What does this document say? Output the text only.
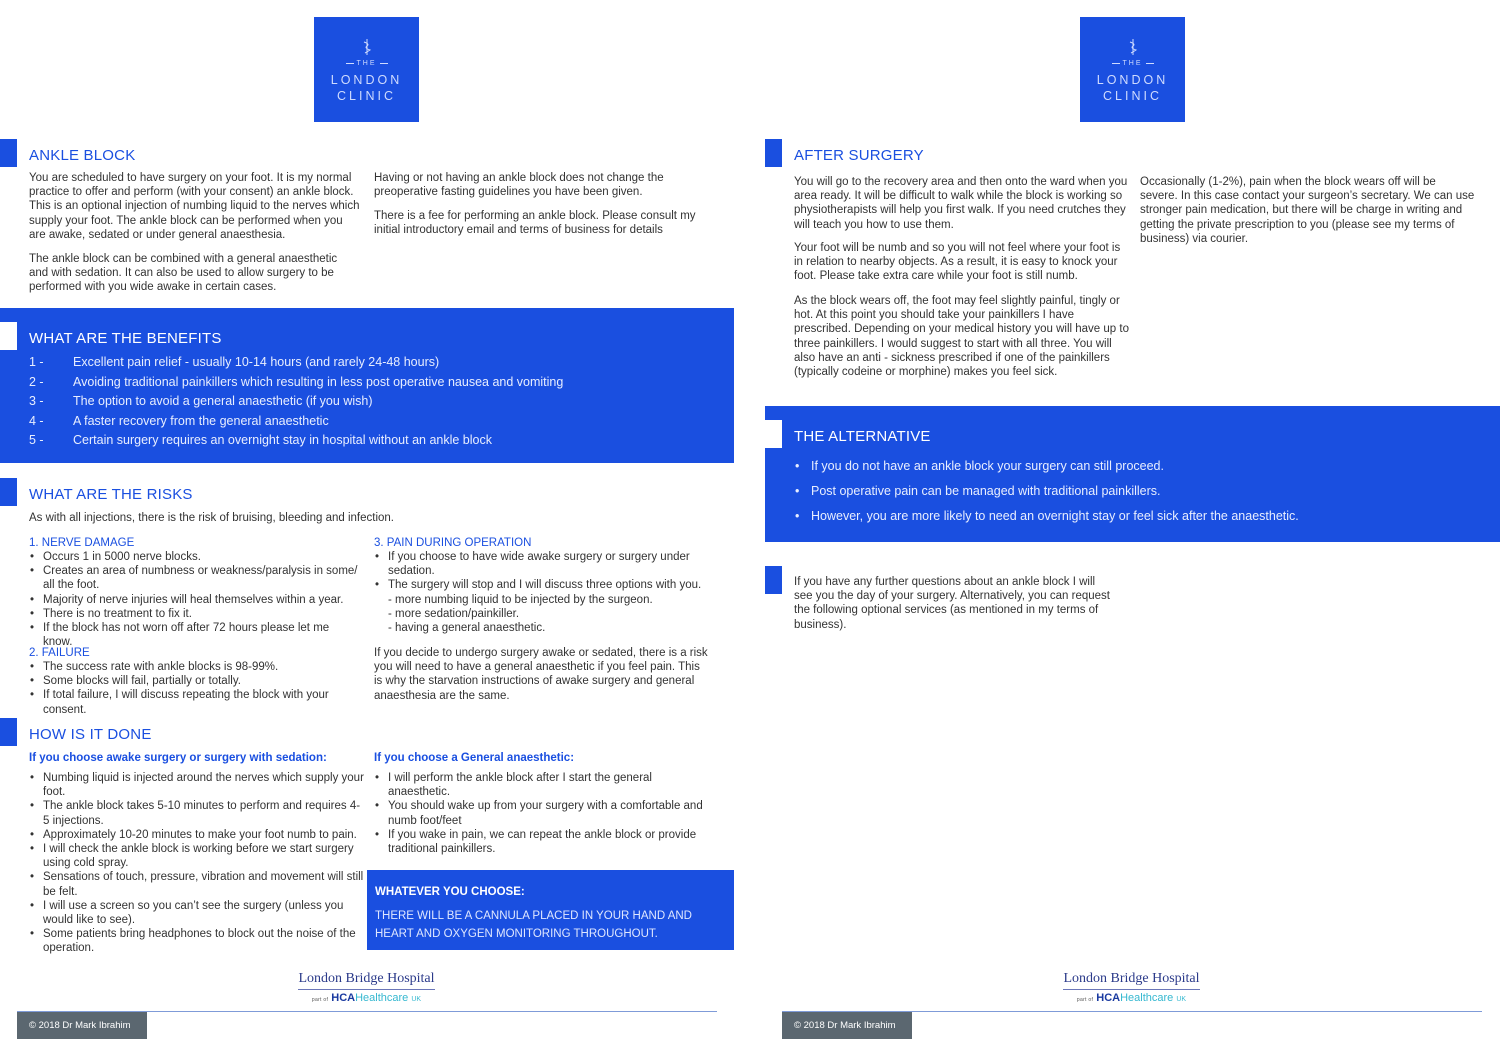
THE
LONDON
CLINIC
ANKLE BLOCK
You are scheduled to have surgery on your foot. It is my normal practice to offer and perform (with your consent) an ankle block. This is an optional injection of numbing liquid to the nerves which supply your foot. The ankle block can be performed when you are awake, sedated or under general anaesthesia.
The ankle block can be combined with a general anaesthetic and with sedation. It can also be used to allow surgery to be performed with you wide awake in certain cases.
Having or not having an ankle block does not change the preoperative fasting guidelines you have been given.
There is a fee for performing an ankle block. Please consult my initial introductory email and terms of business for details
WHAT ARE THE BENEFITS
1 - Excellent pain relief - usually 10-14 hours (and rarely 24-48 hours)
2 - Avoiding traditional painkillers which resulting in less post operative nausea and vomiting
3 - The option to avoid a general anaesthetic (if you wish)
4 - A faster recovery from the general anaesthetic
5 - Certain surgery requires an overnight stay in hospital without an ankle block
WHAT ARE THE RISKS
As with all injections, there is the risk of bruising, bleeding and infection.
1. NERVE DAMAGE
• Occurs 1 in 5000 nerve blocks.
• Creates an area of numbness or weakness/paralysis in some/ all the foot.
• Majority of nerve injuries will heal themselves within a year.
• There is no treatment to fix it.
• If the block has not worn off after 72 hours please let me know.
2. FAILURE
• The success rate with ankle blocks is 98-99%.
• Some blocks will fail, partially or totally.
• If total failure, I will discuss repeating the block with your consent.
3. PAIN DURING OPERATION
• If you choose to have wide awake surgery or surgery under sedation.
• The surgery will stop and I will discuss three options with you.
- more numbing liquid to be injected by the surgeon.
- more sedation/painkiller.
- having a general anaesthetic.
If you decide to undergo surgery awake or sedated, there is a risk you will need to have a general anaesthetic if you feel pain. This is why the starvation instructions of awake surgery and general anaesthesia are the same.
HOW IS IT DONE
If you choose awake surgery or surgery with sedation:
• Numbing liquid is injected around the nerves which supply your foot.
• The ankle block takes 5-10 minutes to perform and requires 4-5 injections.
• Approximately 10-20 minutes to make your foot numb to pain.
• I will check the ankle block is working before we start surgery using cold spray.
• Sensations of touch, pressure, vibration and movement will still be felt.
• I will use a screen so you can’t see the surgery (unless you would like to see).
• Some patients bring headphones to block out the noise of the operation.
If you choose a General anaesthetic:
• I will perform the ankle block after I start the general anaesthetic.
• You should wake up from your surgery with a comfortable and numb foot/feet
• If you wake in pain, we can repeat the ankle block or provide traditional painkillers.
WHATEVER YOU CHOOSE:
THERE WILL BE A CANNULA PLACED IN YOUR HAND AND HEART AND OXYGEN MONITORING THROUGHOUT.
London Bridge Hospital
part of HCAHealthcare UK
© 2018 Dr Mark Ibrahim
THE
LONDON
CLINIC
AFTER SURGERY
You will go to the recovery area and then onto the ward when you area ready. It will be difficult to walk while the block is working so physiotherapists will help you first walk. If you need crutches they will teach you how to use them.
Your foot will be numb and so you will not feel where your foot is in relation to nearby objects. As a result, it is easy to knock your foot. Please take extra care while your foot is still numb.
As the block wears off, the foot may feel slightly painful, tingly or hot. At this point you should take your painkillers I have prescribed. Depending on your medical history you will have up to three painkillers. I would suggest to start with all three. You will also have an anti - sickness prescribed if one of the painkillers (typically codeine or morphine) makes you feel sick.
Occasionally (1-2%), pain when the block wears off will be severe. In this case contact your surgeon’s secretary. We can use stronger pain medication, but there will be charge in writing and getting the private prescription to you (please see my terms of business) via courier.
THE ALTERNATIVE
• If you do not have an ankle block your surgery can still proceed.
• Post operative pain can be managed with traditional painkillers.
• However, you are more likely to need an overnight stay or feel sick after the anaesthetic.
If you have any further questions about an ankle block I will see you the day of your surgery. Alternatively, you can request the following optional services (as mentioned in my terms of business).
London Bridge Hospital
part of HCAHealthcare UK
© 2018 Dr Mark Ibrahim
